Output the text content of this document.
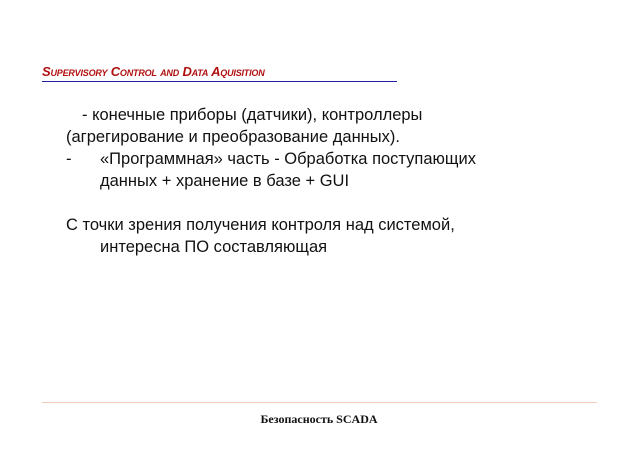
Supervisory Control and Data Aquisition
- конечные приборы (датчики), контроллеры
(агрегирование и преобразование данных).
-	«Программная» часть - Обработка поступающих
данных + хранение в базе + GUI
С точки зрения получения контроля над системой,
интересна ПО составляющая
Безопасность SCADA
